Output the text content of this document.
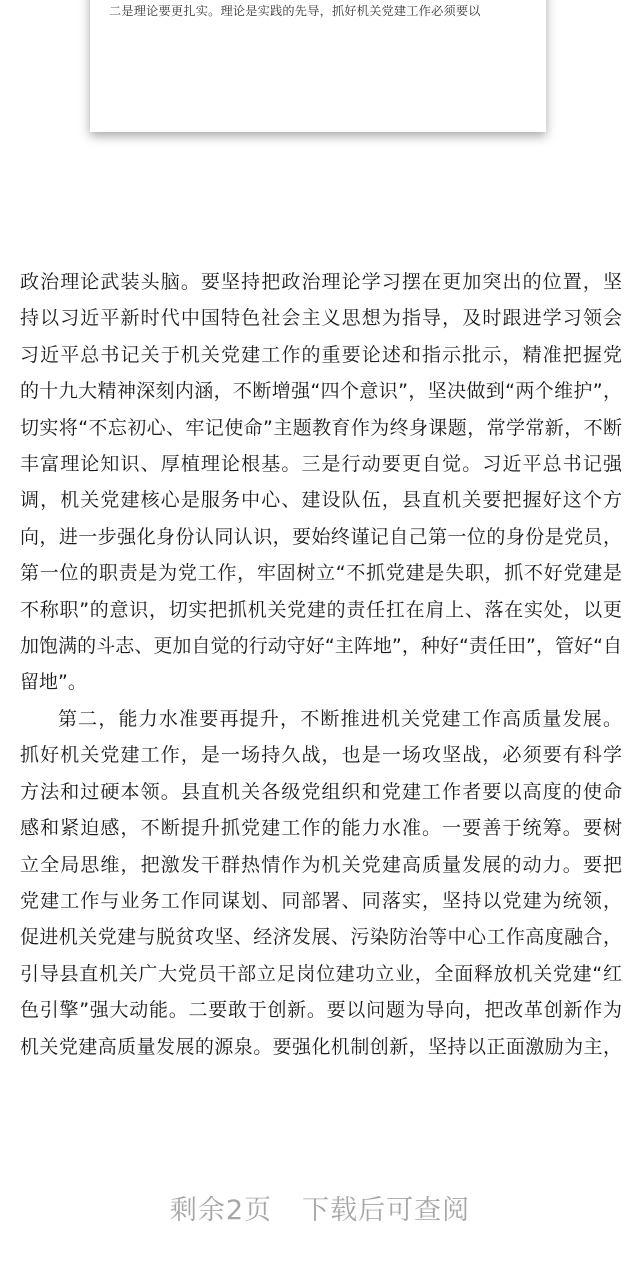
二是理论要更扎实。理论是实践的先导，抓好机关党建工作必须要以
政治理论武装头脑。要坚持把政治理论学习摆在更加突出的位置，坚
持以习近平新时代中国特色社会主义思想为指导，及时跟进学习领会
习近平总书记关于机关党建工作的重要论述和指示批示，精准把握党
的十九大精神深刻内涵，不断增强“四个意识”，坚决做到“两个维护”，
切实将“不忘初心、牢记使命”主题教育作为终身课题，常学常新，不断
丰富理论知识、厚植理论根基。三是行动要更自觉。习近平总书记强
调，机关党建核心是服务中心、建设队伍，县直机关要把握好这个方
向，进一步强化身份认同认识，要始终谨记自己第一位的身份是党员，
第一位的职责是为党工作，牢固树立“不抓党建是失职，抓不好党建是
不称职”的意识，切实把抓机关党建的责任扛在肩上、落在实处，以更
加饱满的斗志、更加自觉的行动守好“主阵地”，种好“责任田”，管好“自
留地”。
第二，能力水准要再提升，不断推进机关党建工作高质量发展。
抓好机关党建工作，是一场持久战，也是一场攻坚战，必须要有科学
方法和过硬本领。县直机关各级党组织和党建工作者要以高度的使命
感和紧迫感，不断提升抓党建工作的能力水准。一要善于统筹。要树
立全局思维，把激发干群热情作为机关党建高质量发展的动力。要把
党建工作与业务工作同谋划、同部署、同落实，坚持以党建为统领，
促进机关党建与脱贫攻坚、经济发展、污染防治等中心工作高度融合，
引导县直机关广大党员干部立足岗位建功立业，全面释放机关党建“红
色引擎”强大动能。二要敢于创新。要以问题为导向，把改革创新作为
机关党建高质量发展的源泉。要强化机制创新，坚持以正面激励为主，
剩余2页 下载后可查阅
